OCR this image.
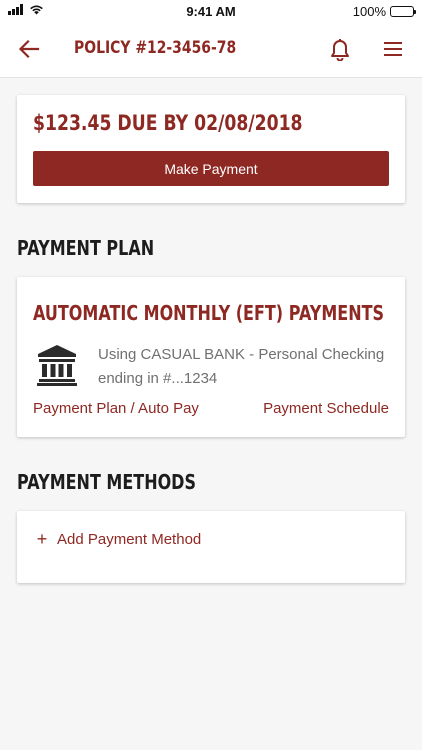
9:41 AM	100%
POLICY #12-3456-78
$123.45 DUE BY 02/08/2018
Make Payment
PAYMENT PLAN
AUTOMATIC MONTHLY (EFT) PAYMENTS
Using CASUAL BANK - Personal Checking ending in #...1234
Payment Plan / Auto Pay	Payment Schedule
PAYMENT METHODS
+ Add Payment Method
